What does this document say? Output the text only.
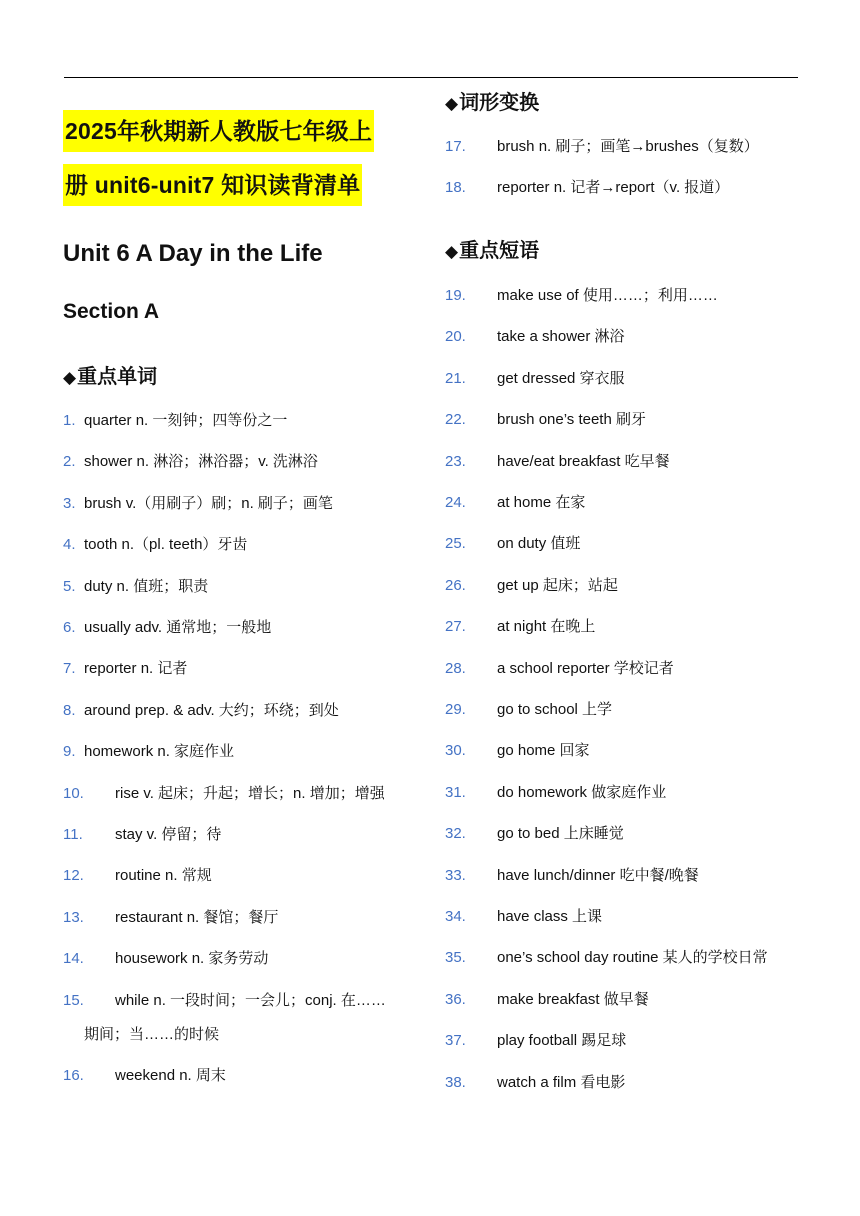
2025年秋期新人教版七年级上
册 unit6-unit7 知识读背清单
Unit 6 A Day in the Life
Section A
◆重点单词
1. quarter n. 一刻钟；四等份之一
2. shower n. 淋浴；淋浴器；v. 洗淋浴
3. brush v.（用刷子）刷；n. 刷子；画笔
4. tooth n.（pl. teeth）牙齿
5. duty n. 值班；职责
6. usually adv. 通常地；一般地
7. reporter n. 记者
8. around prep. & adv. 大约；环绕；到处
9. homework n. 家庭作业
10. rise v. 起床；升起；增长；n. 增加；增强
11. stay v. 停留；待
12. routine n. 常规
13. restaurant n. 餐馆；餐厅
14. housework n. 家务劳动
15. while n. 一段时间；一会儿；conj. 在……
期间；当……的时候
16. weekend n. 周末
◆词形变换
17. brush n. 刷子；画笔→brushes（复数）
18. reporter n. 记者→report（v. 报道）
◆重点短语
19. make use of 使用……；利用……
20. take a shower 淋浴
21. get dressed 穿衣服
22. brush one’s teeth 刷牙
23. have/eat breakfast 吃早餐
24. at home 在家
25. on duty 值班
26. get up 起床；站起
27. at night 在晚上
28. a school reporter 学校记者
29. go to school 上学
30. go home 回家
31. do homework 做家庭作业
32. go to bed 上床睡觉
33. have lunch/dinner 吃中餐/晚餐
34. have class 上课
35. one’s school day routine 某人的学校日常
36. make breakfast 做早餐
37. play football 踢足球
38. watch a film 看电影
